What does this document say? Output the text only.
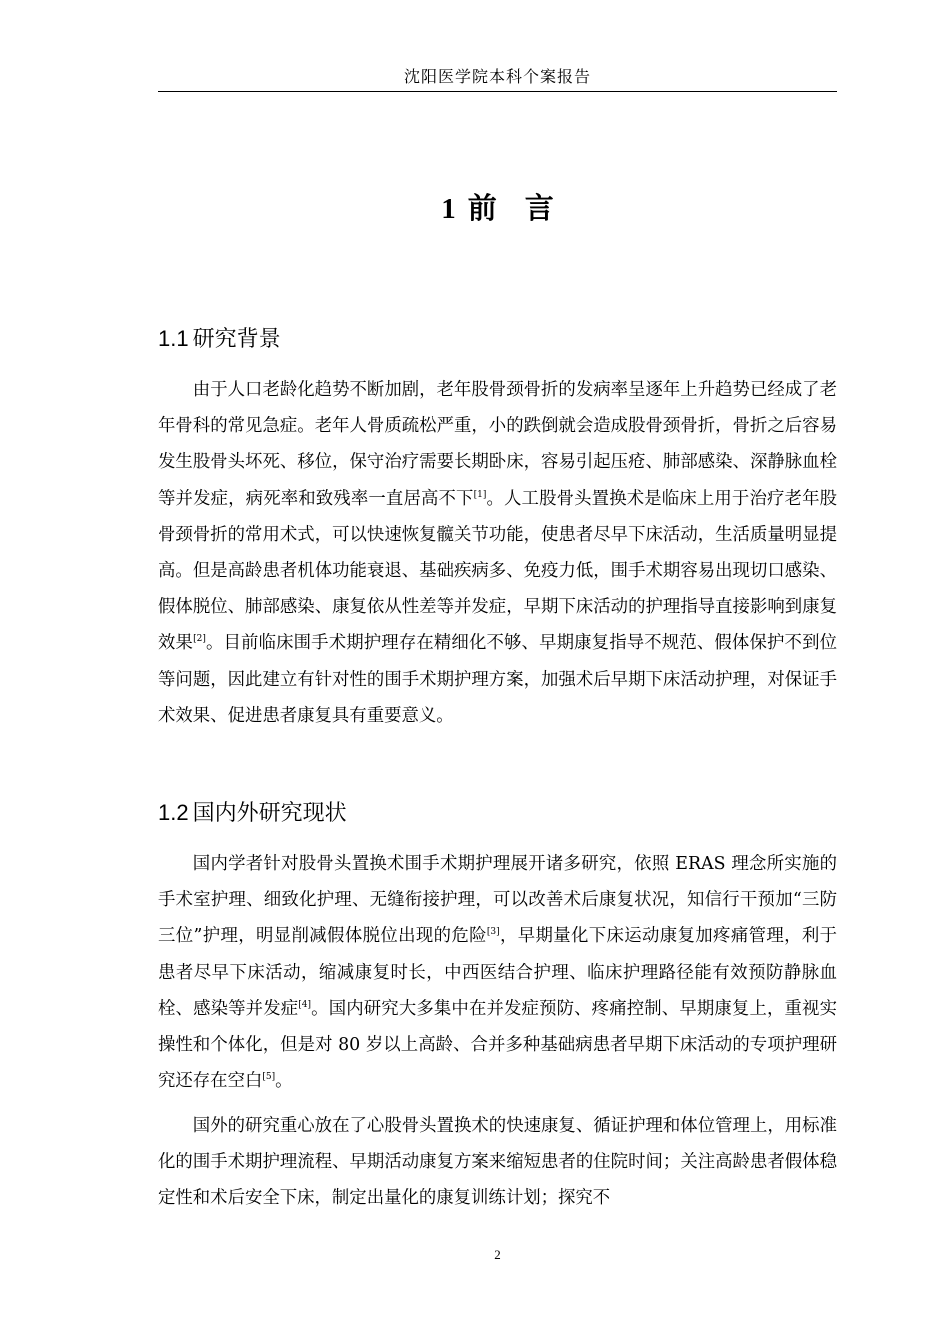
沈阳医学院本科个案报告
1 前言
1.1 研究背景

由于人口老龄化趋势不断加剧，老年股骨颈骨折的发病率呈逐年上升趋势已经成了老年骨科的常见急症。老年人骨质疏松严重，小的跌倒就会造成股骨颈骨折，骨折之后容易发生股骨头坏死、移位，保守治疗需要长期卧床，容易引起压疮、肺部感染、深静脉血栓等并发症，病死率和致残率一直居高不下[1]。人工股骨头置换术是临床上用于治疗老年股骨颈骨折的常用术式，可以快速恢复髋关节功能，使患者尽早下床活动，生活质量明显提高。但是高龄患者机体功能衰退、基础疾病多、免疫力低，围手术期容易出现切口感染、假体脱位、肺部感染、康复依从性差等并发症，早期下床活动的护理指导直接影响到康复效果[2]。目前临床围手术期护理存在精细化不够、早期康复指导不规范、假体保护不到位等问题，因此建立有针对性的围手术期护理方案，加强术后早期下床活动护理，对保证手术效果、促进患者康复具有重要意义。

1.2 国内外研究现状

国内学者针对股骨头置换术围手术期护理展开诸多研究，依照 ERAS 理念所实施的手术室护理、细致化护理、无缝衔接护理，可以改善术后康复状况，知信行干预加“三防三位”护理，明显削减假体脱位出现的危险[3]，早期量化下床运动康复加疼痛管理，利于患者尽早下床活动，缩减康复时长，中西医结合护理、临床护理路径能有效预防静脉血栓、感染等并发症[4]。国内研究大多集中在并发症预防、疼痛控制、早期康复上，重视实操性和个体化，但是对 80 岁以上高龄、合并多种基础病患者早期下床活动的专项护理研究还存在空白[5]。

国外的研究重心放在了心股骨头置换术的快速康复、循证护理和体位管理上，用标准化的围手术期护理流程、早期活动康复方案来缩短患者的住院时间；关注高龄患者假体稳定性和术后安全下床，制定出量化的康复训练计划；探究不

2
